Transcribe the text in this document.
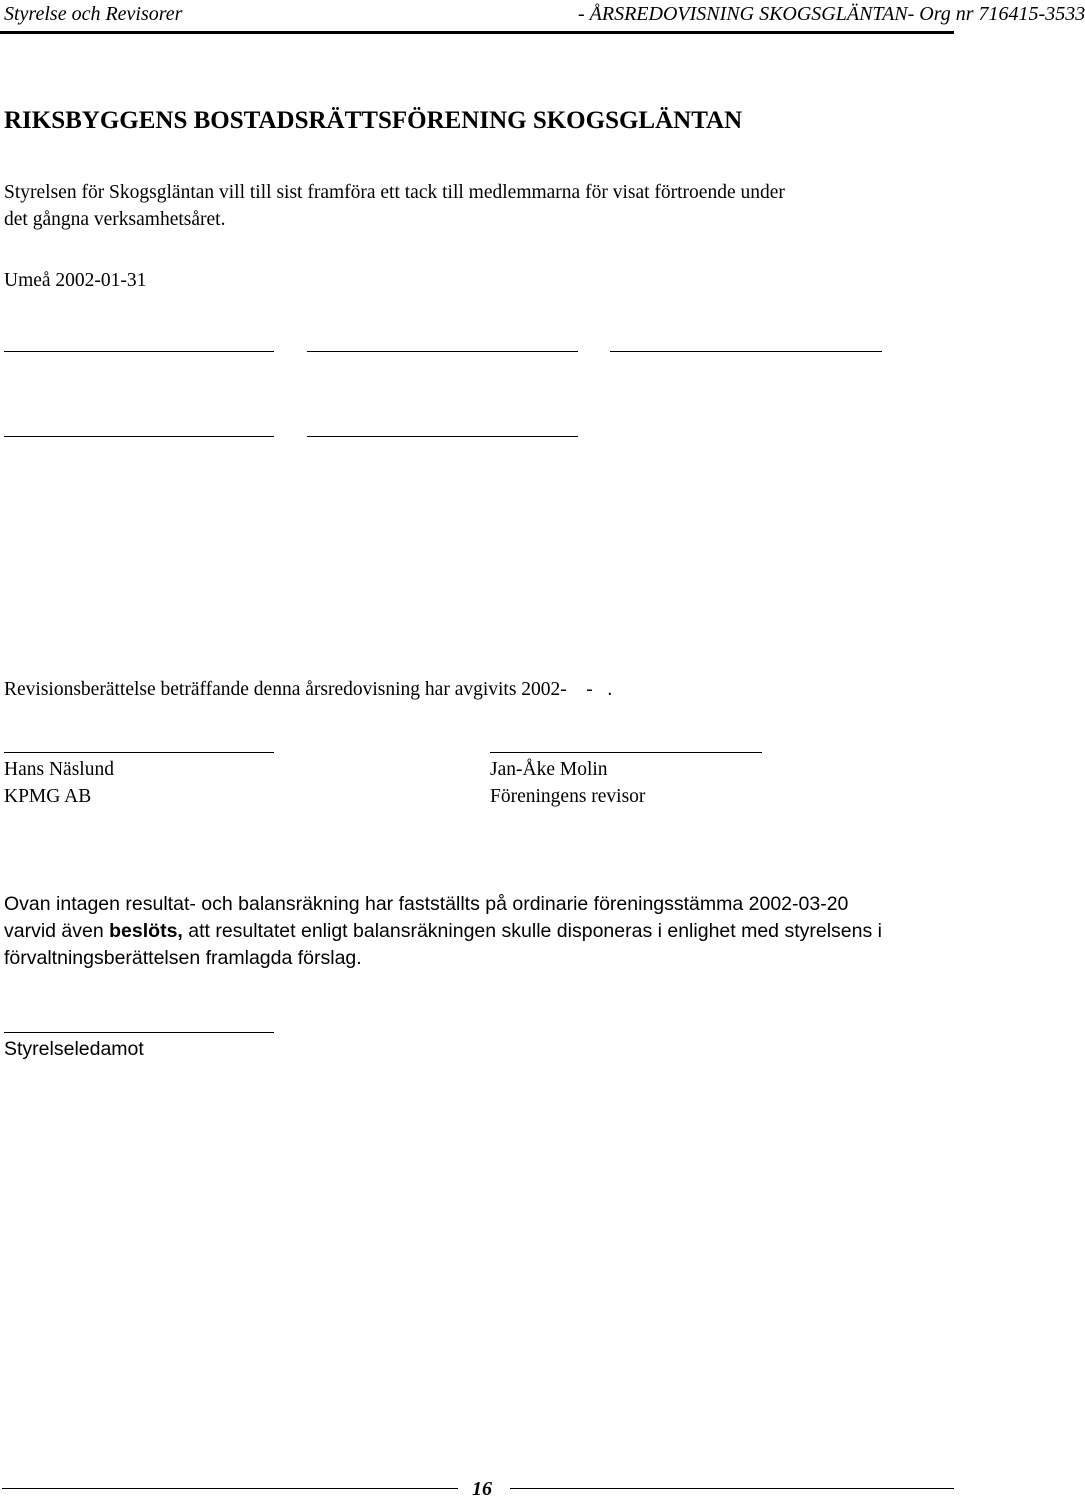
Styrelse och Revisorer	- ÅRSREDOVISNING SKOGSGLÄNTAN- Org nr 716415-3533
RIKSBYGGENS BOSTADSRÄTTSFÖRENING SKOGSGLÄNTAN
Styrelsen för Skogsgläntan vill till sist framföra ett tack till medlemmarna för visat förtroende under
det gångna verksamhetsåret.
Umeå 2002-01-31
Revisionsberättelse beträffande denna årsredovisning har avgivits 2002-    -   .
Hans Näslund
KPMG AB
Jan-Åke Molin
Föreningens revisor
Ovan intagen resultat- och balansräkning har fastställts på ordinarie föreningsstämma 2002-03-20
varvid även beslöts, att resultatet enligt balansräkningen skulle disponeras i enlighet med styrelsens i
förvaltningsberättelsen framlagda förslag.
Styrelseledamot
16
